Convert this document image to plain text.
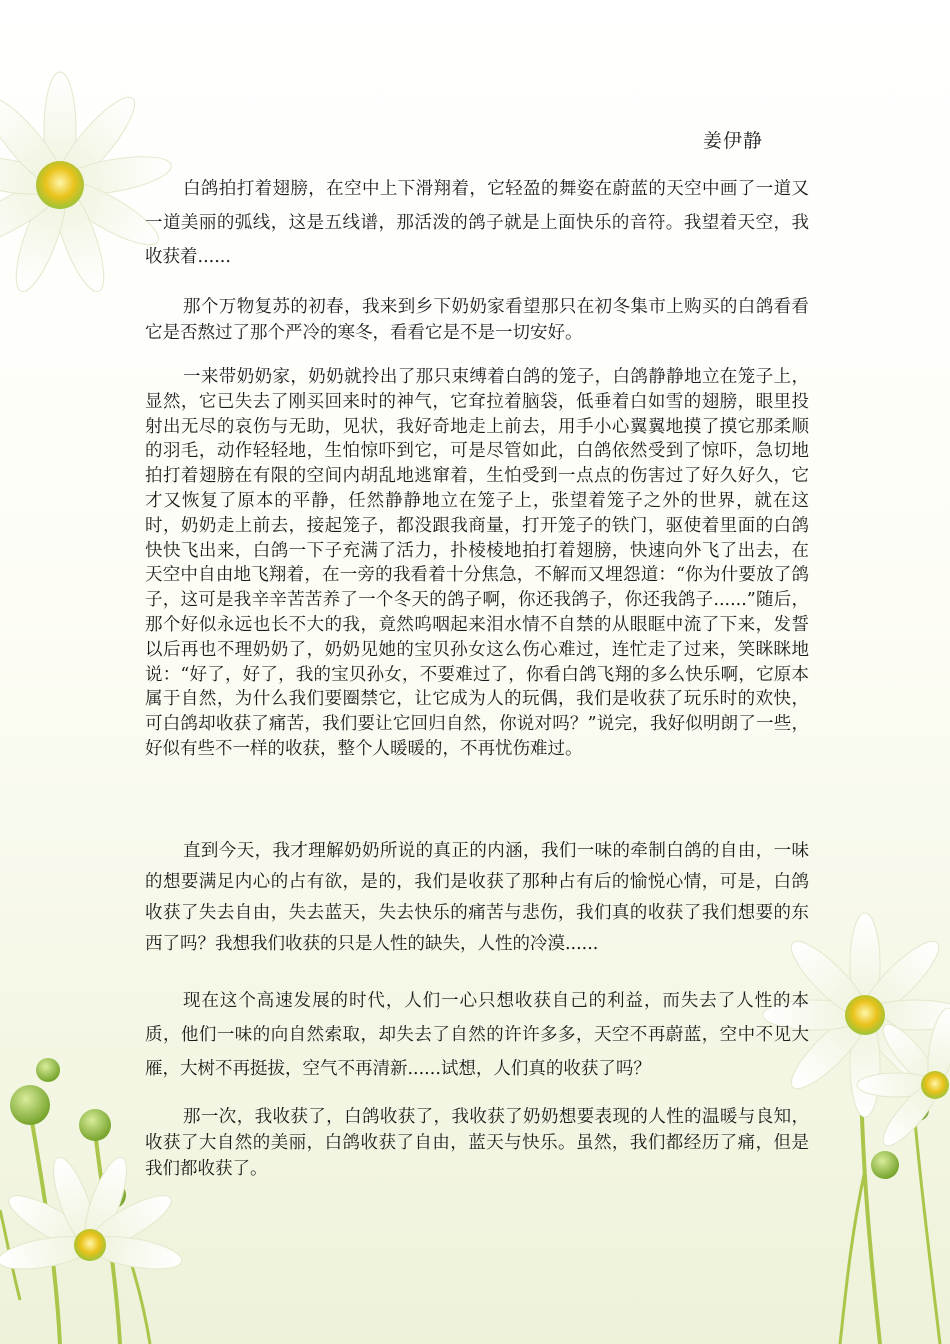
姜伊静

白鸽拍打着翅膀，在空中上下滑翔着，它轻盈的舞姿在蔚蓝的天空中画了一道又一道美丽的弧线，这是五线谱，那活泼的鸽子就是上面快乐的音符。我望着天空，我收获着......

那个万物复苏的初春，我来到乡下奶奶家看望那只在初冬集市上购买的白鸽看看它是否熬过了那个严冷的寒冬，看看它是不是一切安好。

一来带奶奶家，奶奶就拎出了那只束缚着白鸽的笼子，白鸽静静地立在笼子上，显然，它已失去了刚买回来时的神气，它耷拉着脑袋，低垂着白如雪的翅膀，眼里投射出无尽的哀伤与无助，见状，我好奇地走上前去，用手小心翼翼地摸了摸它那柔顺的羽毛，动作轻轻地，生怕惊吓到它，可是尽管如此，白鸽依然受到了惊吓，急切地拍打着翅膀在有限的空间内胡乱地逃窜着，生怕受到一点点的伤害过了好久好久，它才又恢复了原本的平静，任然静静地立在笼子上，张望着笼子之外的世界，就在这时，奶奶走上前去，接起笼子，都没跟我商量，打开笼子的铁门，驱使着里面的白鸽快快飞出来，白鸽一下子充满了活力，扑棱棱地拍打着翅膀，快速向外飞了出去，在天空中自由地飞翔着，在一旁的我看着十分焦急，不解而又埋怨道：“你为什要放了鸽子，这可是我辛辛苦苦养了一个冬天的鸽子啊，你还我鸽子，你还我鸽子......”随后，那个好似永远也长不大的我，竟然呜咽起来泪水情不自禁的从眼眶中流了下来，发誓以后再也不理奶奶了，奶奶见她的宝贝孙女这么伤心难过，连忙走了过来，笑眯眯地说：“好了，好了，我的宝贝孙女，不要难过了，你看白鸽飞翔的多么快乐啊，它原本属于自然，为什么我们要圈禁它，让它成为人的玩偶，我们是收获了玩乐时的欢快，可白鸽却收获了痛苦，我们要让它回归自然，你说对吗？”说完，我好似明朗了一些，好似有些不一样的收获，整个人暖暖的，不再忧伤难过。

直到今天，我才理解奶奶所说的真正的内涵，我们一味的牵制白鸽的自由，一味的想要满足内心的占有欲，是的，我们是收获了那种占有后的愉悦心情，可是，白鸽收获了失去自由，失去蓝天，失去快乐的痛苦与悲伤，我们真的收获了我们想要的东西了吗？我想我们收获的只是人性的缺失，人性的冷漠......

现在这个高速发展的时代，人们一心只想收获自己的利益，而失去了人性的本质，他们一味的向自然索取，却失去了自然的许许多多，天空不再蔚蓝，空中不见大雁，大树不再挺拔，空气不再清新......试想，人们真的收获了吗？

那一次，我收获了，白鸽收获了，我收获了奶奶想要表现的人性的温暖与良知，收获了大自然的美丽，白鸽收获了自由，蓝天与快乐。虽然，我们都经历了痛，但是我们都收获了。
